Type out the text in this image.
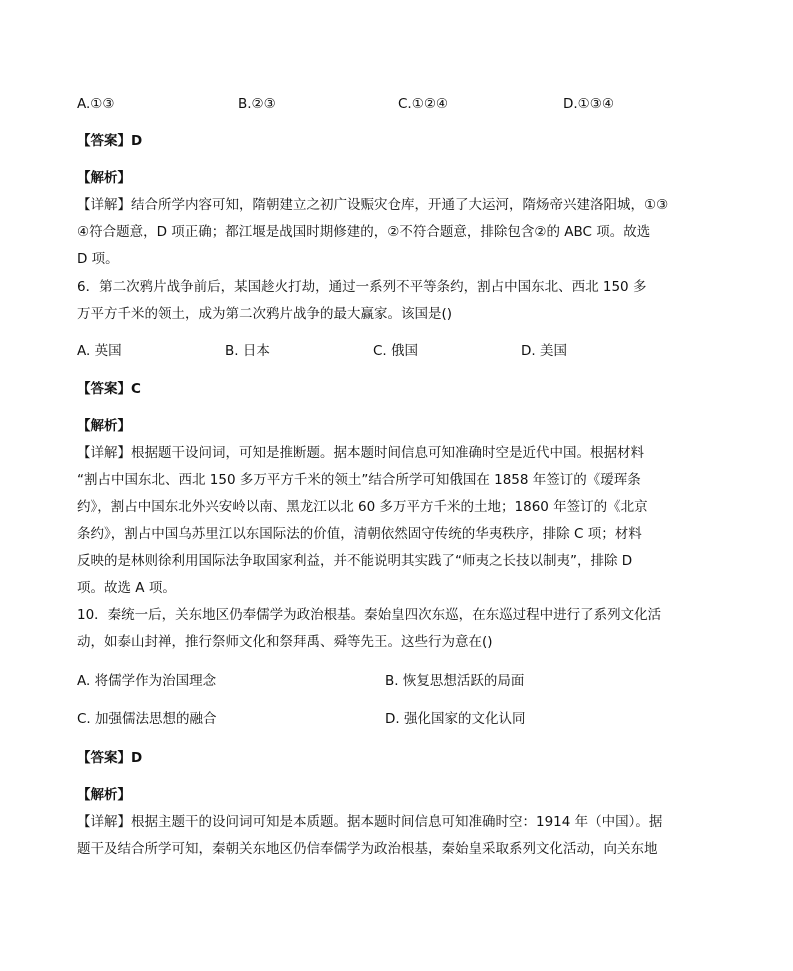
A.①③	B.②③	C.①②④	D.①③④
【答案】D
【解析】
【详解】结合所学内容可知，隋朝建立之初广设赈灾仓库，开通了大运河，隋炀帝兴建洛阳城，①③
④符合题意，D 项正确；都江堰是战国时期修建的，②不符合题意，排除包含②的 ABC 项。故选
D 项。
6．第二次鸦片战争前后，某国趁火打劫，通过一系列不平等条约，割占中国东北、西北 150 多
万平方千米的领土，成为第二次鸦片战争的最大赢家。该国是()
A. 英国	B. 日本	C. 俄国	D. 美国
【答案】C
【解析】
【详解】根据题干设问词，可知是推断题。据本题时间信息可知准确时空是近代中国。根据材料
“割占中国东北、西北 150 多万平方千米的领土”结合所学可知俄国在 1858 年签订的《瑷珲条
约》，割占中国东北外兴安岭以南、黑龙江以北 60 多万平方千米的土地；1860 年签订的《北京
条约》，割占中国乌苏里江以东国际法的价值，清朝依然固守传统的华夷秩序，排除 C 项；材料
反映的是林则徐利用国际法争取国家利益，并不能说明其实践了“师夷之长技以制夷”，排除 D
项。故选 A 项。
10．秦统一后，关东地区仍奉儒学为政治根基。秦始皇四次东巡，在东巡过程中进行了系列文化活
动，如泰山封禅，推行祭师文化和祭拜禹、舜等先王。这些行为意在()
A. 将儒学作为治国理念	B. 恢复思想活跃的局面
C. 加强儒法思想的融合	D. 强化国家的文化认同
【答案】D
【解析】
【详解】根据主题干的设问词可知是本质题。据本题时间信息可知准确时空：1914 年（中国）。据
题干及结合所学可知，秦朝关东地区仍信奉儒学为政治根基，秦始皇采取系列文化活动，向关东地
